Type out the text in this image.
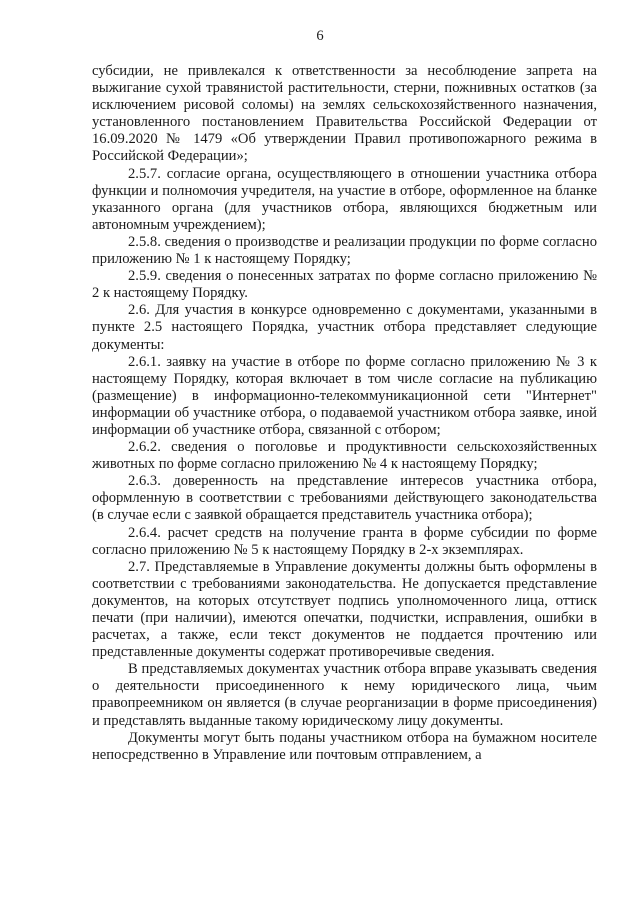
6

субсидии, не привлекался к ответственности за несоблюдение запрета на выжигание сухой травянистой растительности, стерни, пожнивных остатков (за исключением рисовой соломы) на землях сельскохозяйственного назначения, установленного постановлением Правительства Российской Федерации от 16.09.2020 № 1479 «Об утверждении Правил противопожарного режима в Российской Федерации»;

2.5.7. согласие органа, осуществляющего в отношении участника отбора функции и полномочия учредителя, на участие в отборе, оформленное на бланке указанного органа (для участников отбора, являющихся бюджетным или автономным учреждением);

2.5.8. сведения о производстве и реализации продукции по форме согласно приложению № 1 к настоящему Порядку;

2.5.9. сведения о понесенных затратах по форме согласно приложению № 2 к настоящему Порядку.

2.6. Для участия в конкурсе одновременно с документами, указанными в пункте 2.5 настоящего Порядка, участник отбора представляет следующие документы:

2.6.1. заявку на участие в отборе по форме согласно приложению № 3 к настоящему Порядку, которая включает в том числе согласие на публикацию (размещение) в информационно-телекоммуникационной сети "Интернет" информации об участнике отбора, о подаваемой участником отбора заявке, иной информации об участнике отбора, связанной с отбором;

2.6.2. сведения о поголовье и продуктивности сельскохозяйственных животных по форме согласно приложению № 4 к настоящему Порядку;

2.6.3. доверенность на представление интересов участника отбора, оформленную в соответствии с требованиями действующего законодательства (в случае если с заявкой обращается представитель участника отбора);

2.6.4. расчет средств на получение гранта в форме субсидии по форме согласно приложению № 5 к настоящему Порядку в 2-х экземплярах.

2.7. Представляемые в Управление документы должны быть оформлены в соответствии с требованиями законодательства. Не допускается представление документов, на которых отсутствует подпись уполномоченного лица, оттиск печати (при наличии), имеются опечатки, подчистки, исправления, ошибки в расчетах, а также, если текст документов не поддается прочтению или представленные документы содержат противоречивые сведения.

В представляемых документах участник отбора вправе указывать сведения о деятельности присоединенного к нему юридического лица, чьим правопреемником он является (в случае реорганизации в форме присоединения) и представлять выданные такому юридическому лицу документы.

Документы могут быть поданы участником отбора на бумажном носителе непосредственно в Управление или почтовым отправлением, а
